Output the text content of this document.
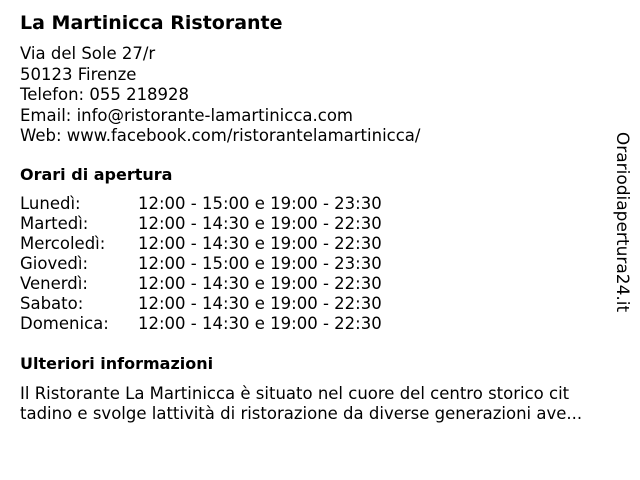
La Martinicca Ristorante
Via del Sole 27/r
50123 Firenze
Telefon: 055 218928
Email: info@ristorante-lamartinicca.com
Web: www.facebook.com/ristorantelamartinicca/
Orari di apertura
Lunedì:	12:00 - 15:00 e 19:00 - 23:30
Martedì:	12:00 - 14:30 e 19:00 - 22:30
Mercoledì: 12:00 - 14:30 e 19:00 - 22:30
Giovedì:	12:00 - 15:00 e 19:00 - 23:30
Venerdì:	12:00 - 14:30 e 19:00 - 22:30
Sabato:	12:00 - 14:30 e 19:00 - 22:30
Domenica: 12:00 - 14:30 e 19:00 - 22:30
Ulteriori informazioni
Il Ristorante La Martinicca è situato nel cuore del centro storico cit
tadino e svolge lattività di ristorazione da diverse generazioni ave...
Orariodiapertura24.it
